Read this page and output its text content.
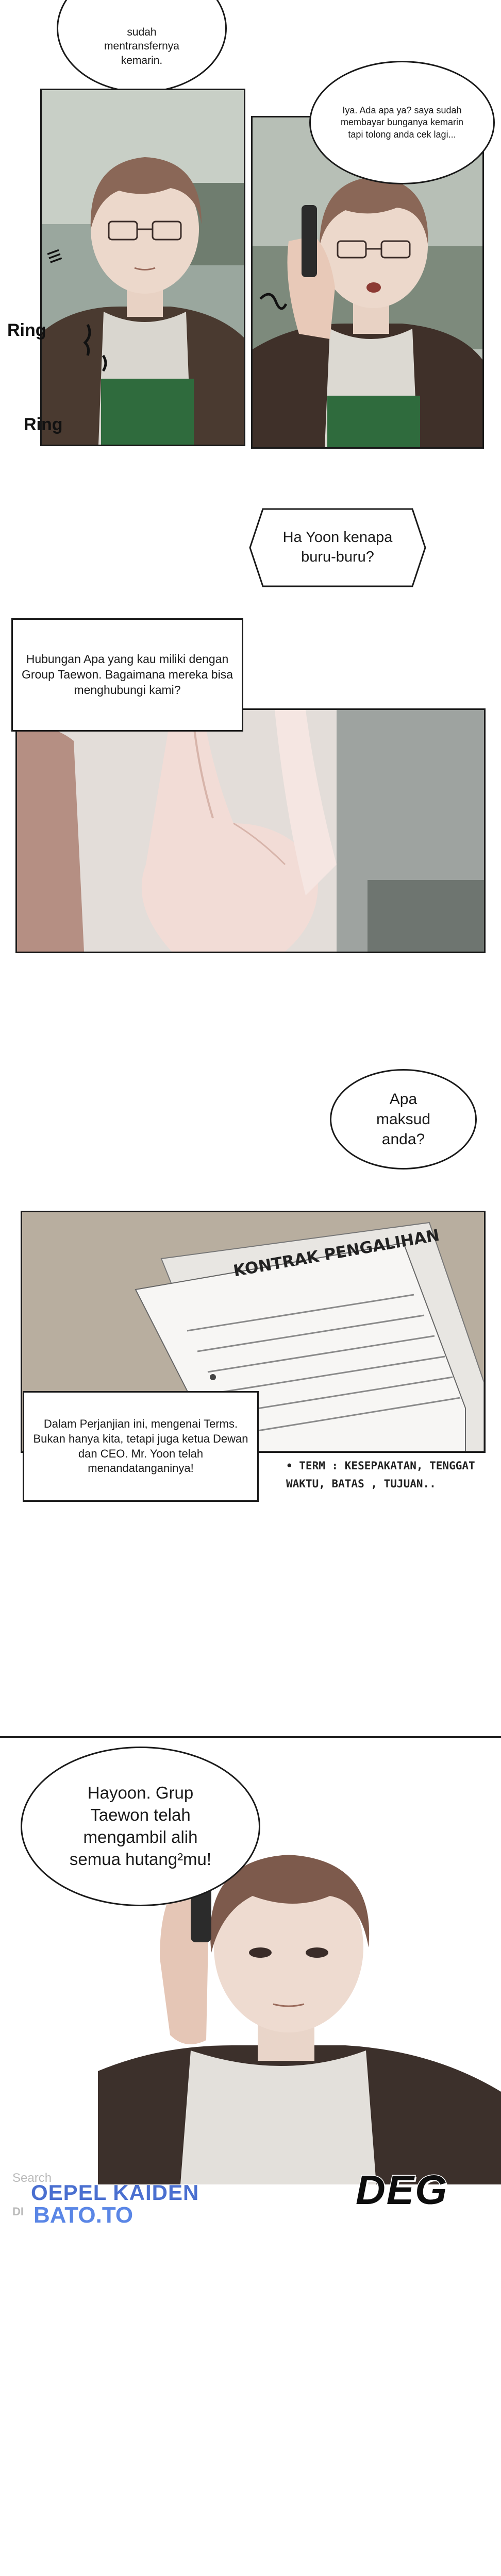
sudah mentransfernya kemarin.
Ring
Ring
≡
Iya. Ada apa ya? saya sudah membayar bunganya kemarin tapi tolong anda cek lagi...
Ha Yoon kenapa buru-buru?
Hubungan Apa yang kau miliki dengan Group Taewon. Bagaimana mereka bisa menghubungi kami?
Apa maksud anda?
KONTRAK PENGALIHAN
Dalam Perjanjian ini, mengenai Terms. Bukan hanya kita, tetapi juga ketua Dewan dan CEO. Mr. Yoon telah menandatanganinya!	• TERM : KESEPAKATAN, TENGGAT WAKTU, BATAS , TUJUAN..
Hayoon. Grup Taewon telah mengambil alih semua hutang²mu!
DEG
Search
OEPEL KAIDEN
DI BATO.TO
